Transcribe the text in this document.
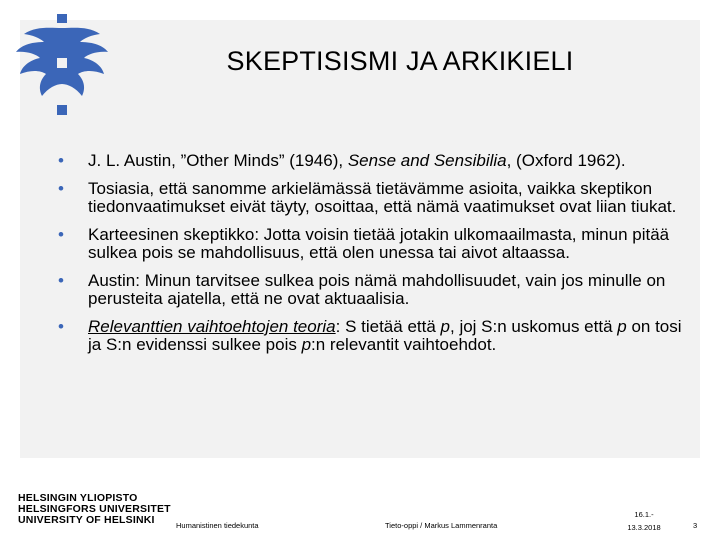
SKEPTISISMI JA ARKIKIELI
• J. L. Austin, ”Other Minds” (1946), Sense and Sensibilia, (Oxford 1962).
• Tosiasia, että sanomme arkielämässä tietävämme asioita, vaikka skeptikon tiedonvaatimukset eivät täyty, osoittaa, että nämä vaatimukset ovat liian tiukat.
• Karteesinen skeptikko: Jotta voisin tietää jotakin ulkomaailmasta, minun pitää sulkea pois se mahdollisuus, että olen unessa tai aivot altaassa.
• Austin: Minun tarvitsee sulkea pois nämä mahdollisuudet, vain jos minulle on perusteita ajatella, että ne ovat aktuaalisia.
• Relevanttien vaihtoehtojen teoria: S tietää että p, joj S:n uskomus että p on tosi ja S:n evidenssi sulkee pois p:n relevantit vaihtoehdot.
HELSINGIN YLIOPISTO
HELSINGFORS UNIVERSITET
UNIVERSITY OF HELSINKI	Humanistinen tiedekunta	Tieto-oppi / Markus Lammenranta
16.1.-
13.3.2018	3
